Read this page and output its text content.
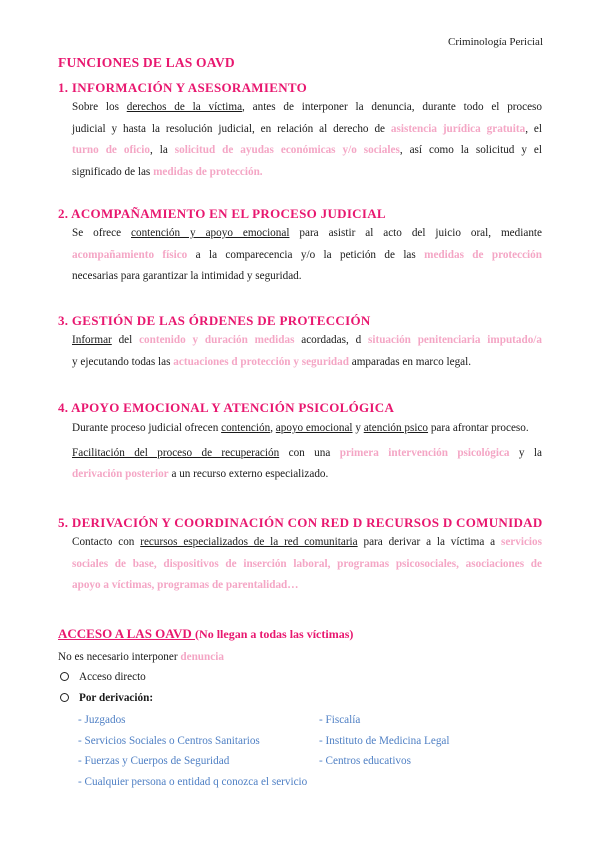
Criminología Pericial
FUNCIONES DE LAS OAVD
1. INFORMACIÓN Y ASESORAMIENTO
Sobre los derechos de la víctima, antes de interponer la denuncia, durante todo el proceso
judicial y hasta la resolución judicial, en relación al derecho de asistencia jurídica gratuita, el
turno de oficio, la solicitud de ayudas económicas y/o sociales, así como la solicitud y el
significado de las medidas de protección.
2. ACOMPAÑAMIENTO EN EL PROCESO JUDICIAL
Se ofrece contención y apoyo emocional para asistir al acto del juicio oral, mediante
acompañamiento físico a la comparecencia y/o la petición de las medidas de protección
necesarias para garantizar la intimidad y seguridad.
3. GESTIÓN DE LAS ÓRDENES DE PROTECCIÓN
Informar del contenido y duración medidas acordadas, d situación penitenciaria imputado/a
y ejecutando todas las actuaciones d protección y seguridad amparadas en marco legal.
4. APOYO EMOCIONAL Y ATENCIÓN PSICOLÓGICA
Durante proceso judicial ofrecen contención, apoyo emocional y atención psico para afrontar proceso.
Facilitación del proceso de recuperación con una primera intervención psicológica y la
derivación posterior a un recurso externo especializado.
5. DERIVACIÓN Y COORDINACIÓN CON RED D RECURSOS D COMUNIDAD
Contacto con recursos especializados de la red comunitaria para derivar a la víctima a servicios
sociales de base, dispositivos de inserción laboral, programas psicosociales, asociaciones de
apoyo a víctimas, programas de parentalidad…
ACCESO A LAS OAVD (No llegan a todas las víctimas)
No es necesario interponer denuncia
Acceso directo
Por derivación:
- Juzgados
- Servicios Sociales o Centros Sanitarios
- Fuerzas y Cuerpos de Seguridad
- Cualquier persona o entidad q conozca el servicio
- Fiscalía
- Instituto de Medicina Legal
- Centros educativos
